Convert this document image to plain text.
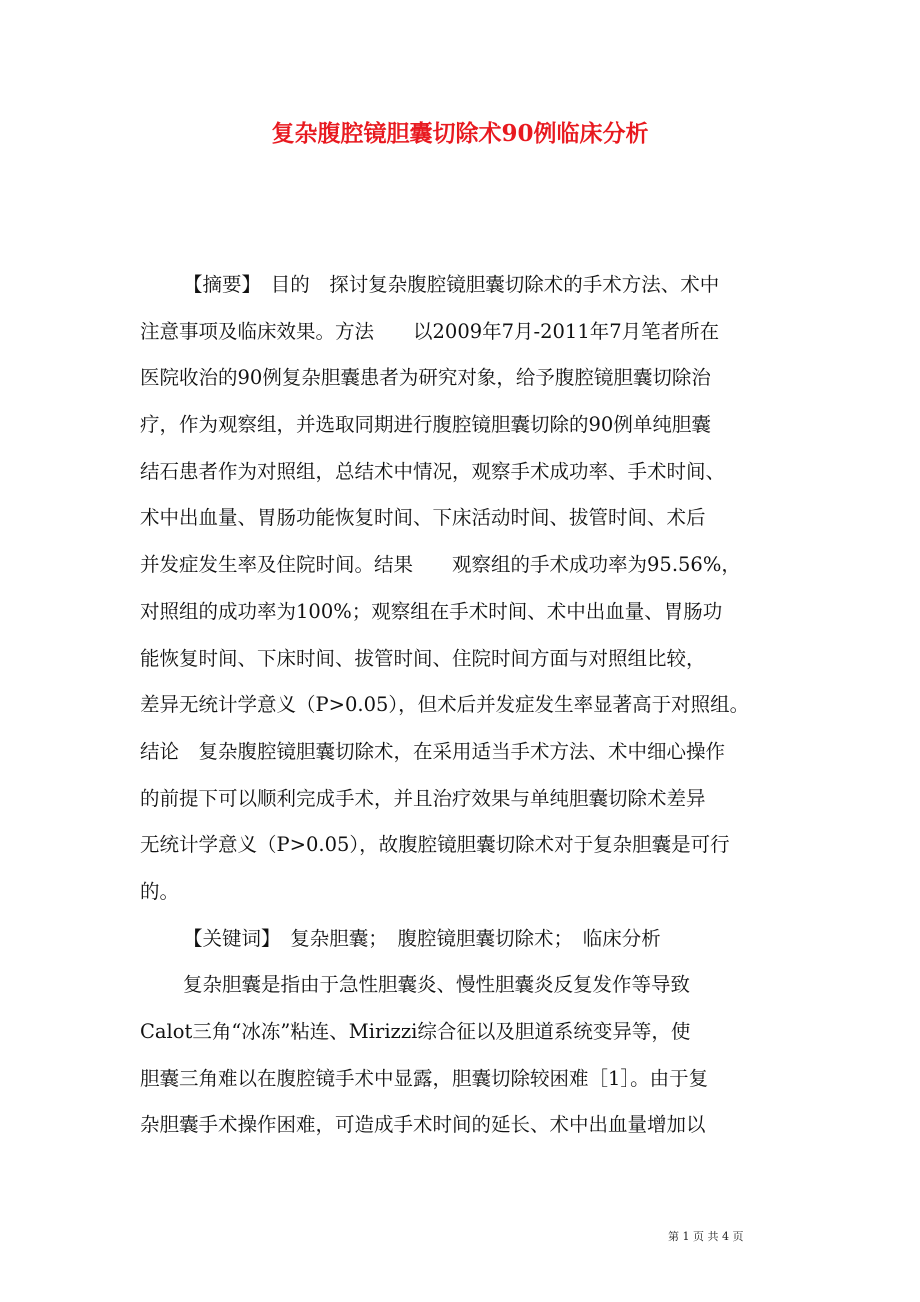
复杂腹腔镜胆囊切除术90例临床分析
【摘要】　目的　探讨复杂腹腔镜胆囊切除术的手术方法、术中
注意事项及临床效果。方法　　以2009年7月-2011年7月笔者所在
医院收治的90例复杂胆囊患者为研究对象，给予腹腔镜胆囊切除治
疗，作为观察组，并选取同期进行腹腔镜胆囊切除的90例单纯胆囊
结石患者作为对照组，总结术中情况，观察手术成功率、手术时间、
术中出血量、胃肠功能恢复时间、下床活动时间、拔管时间、术后
并发症发生率及住院时间。结果　　观察组的手术成功率为95.56%，
对照组的成功率为100%；观察组在手术时间、术中出血量、胃肠功
能恢复时间、下床时间、拔管时间、住院时间方面与对照组比较，
差异无统计学意义（P>0.05），但术后并发症发生率显著高于对照组。
结论　复杂腹腔镜胆囊切除术，在采用适当手术方法、术中细心操作
的前提下可以顺利完成手术，并且治疗效果与单纯胆囊切除术差异
无统计学意义（P>0.05），故腹腔镜胆囊切除术对于复杂胆囊是可行
的。
【关键词】　复杂胆囊；　腹腔镜胆囊切除术；　临床分析
复杂胆囊是指由于急性胆囊炎、慢性胆囊炎反复发作等导致
Calot三角“冰冻”粘连、Mirizzi综合征以及胆道系统变异等，使
胆囊三角难以在腹腔镜手术中显露，胆囊切除较困难［1］。由于复
杂胆囊手术操作困难，可造成手术时间的延长、术中出血量增加以
第 1 页 共 4 页
